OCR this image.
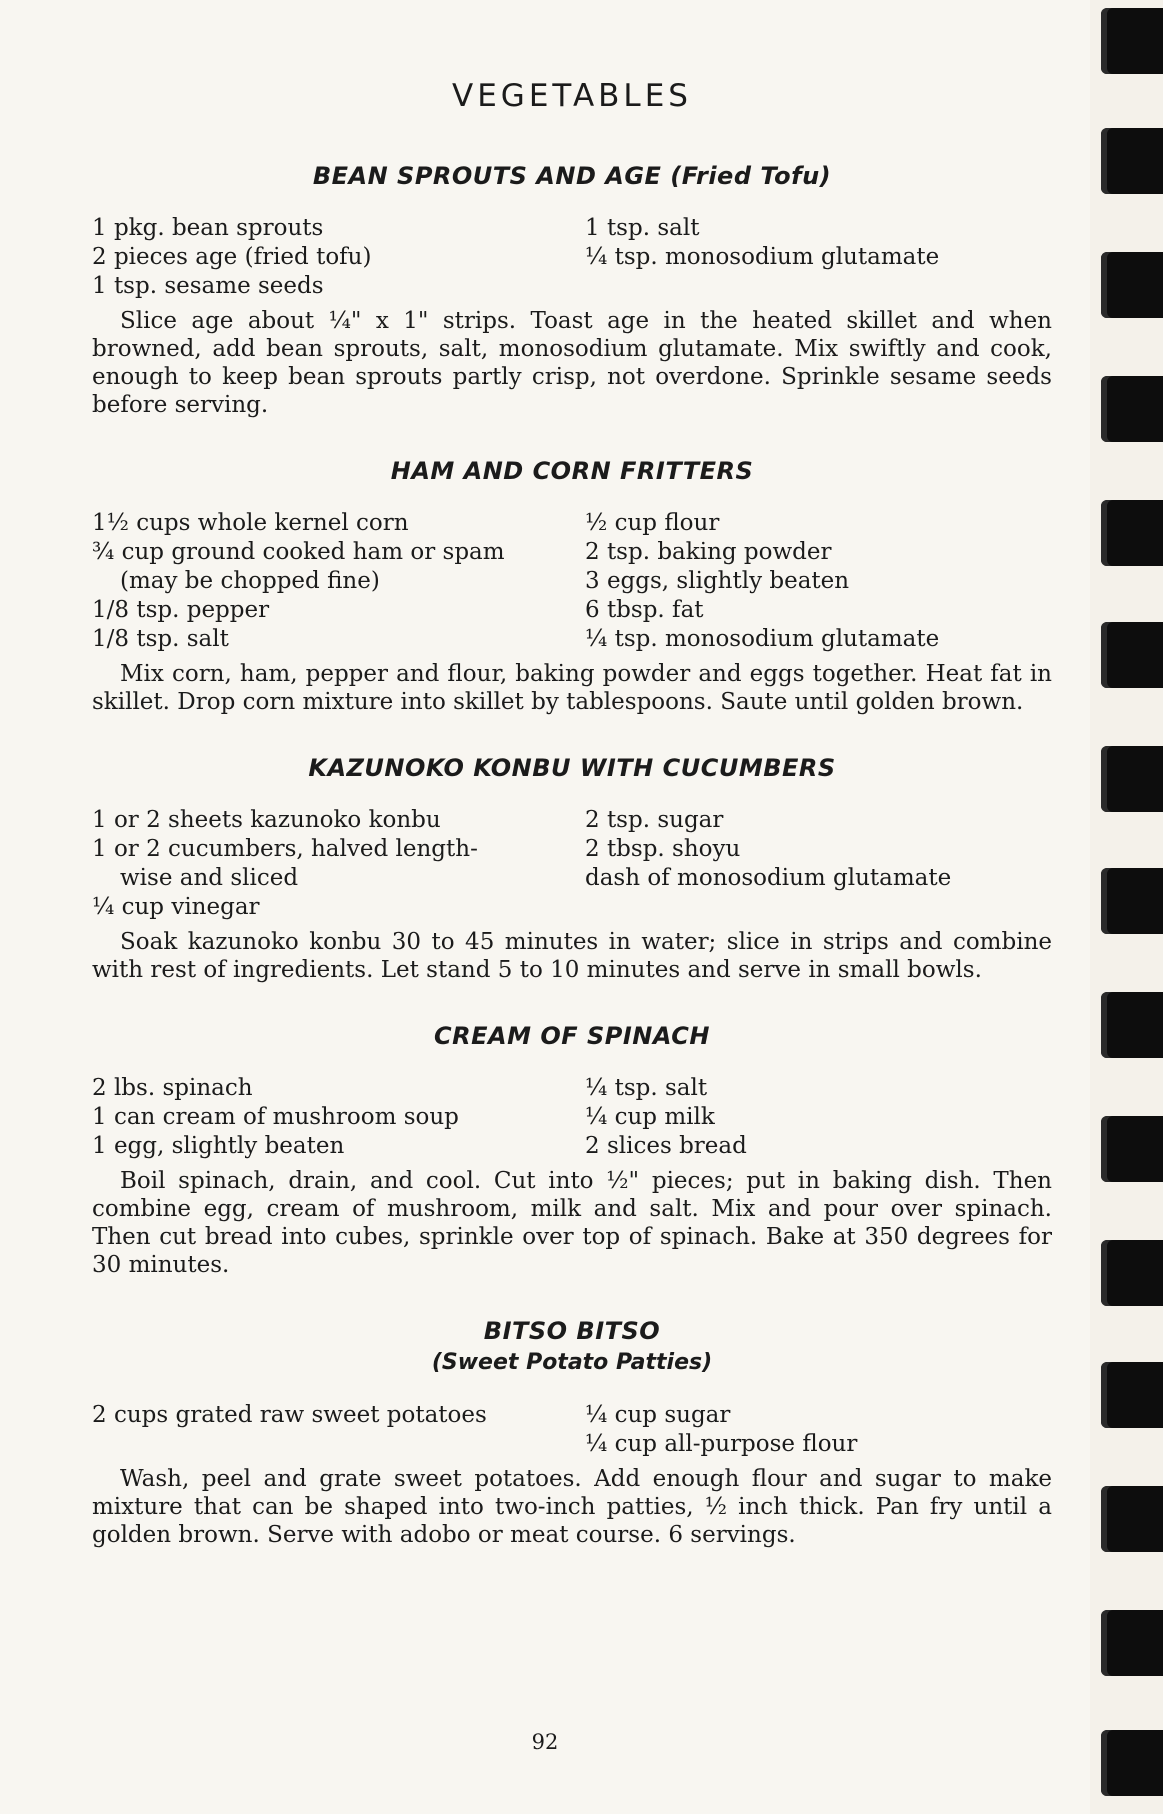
VEGETABLES
BEAN SPROUTS AND AGE (Fried Tofu)
1 pkg. bean sprouts
2 pieces age (fried tofu)
1 tsp. sesame seeds
1 tsp. salt
¼ tsp. monosodium glutamate

Slice age about ¼" x 1" strips. Toast age in the heated skillet and when browned, add bean sprouts, salt, monosodium glutamate. Mix swiftly and cook, enough to keep bean sprouts partly crisp, not overdone. Sprinkle sesame seeds before serving.

HAM AND CORN FRITTERS
1½ cups whole kernel corn
¾ cup ground cooked ham or spam
(may be chopped fine)
1/8 tsp. pepper
1/8 tsp. salt
½ cup flour
2 tsp. baking powder
3 eggs, slightly beaten
6 tbsp. fat
¼ tsp. monosodium glutamate

Mix corn, ham, pepper and flour, baking powder and eggs together. Heat fat in skillet. Drop corn mixture into skillet by tablespoons. Saute until golden brown.

KAZUNOKO KONBU WITH CUCUMBERS
1 or 2 sheets kazunoko konbu
1 or 2 cucumbers, halved length-
wise and sliced
¼ cup vinegar
2 tsp. sugar
2 tbsp. shoyu
dash of monosodium glutamate

Soak kazunoko konbu 30 to 45 minutes in water; slice in strips and combine with rest of ingredients. Let stand 5 to 10 minutes and serve in small bowls.

CREAM OF SPINACH
2 lbs. spinach
1 can cream of mushroom soup
1 egg, slightly beaten
¼ tsp. salt
¼ cup milk
2 slices bread

Boil spinach, drain, and cool. Cut into ½" pieces; put in baking dish. Then combine egg, cream of mushroom, milk and salt. Mix and pour over spinach. Then cut bread into cubes, sprinkle over top of spinach. Bake at 350 degrees for 30 minutes.

BITSO BITSO
(Sweet Potato Patties)
2 cups grated raw sweet potatoes	¼ cup sugar
¼ cup all-purpose flour

Wash, peel and grate sweet potatoes. Add enough flour and sugar to make mixture that can be shaped into two-inch patties, ½ inch thick. Pan fry until a golden brown. Serve with adobo or meat course. 6 servings.

92
